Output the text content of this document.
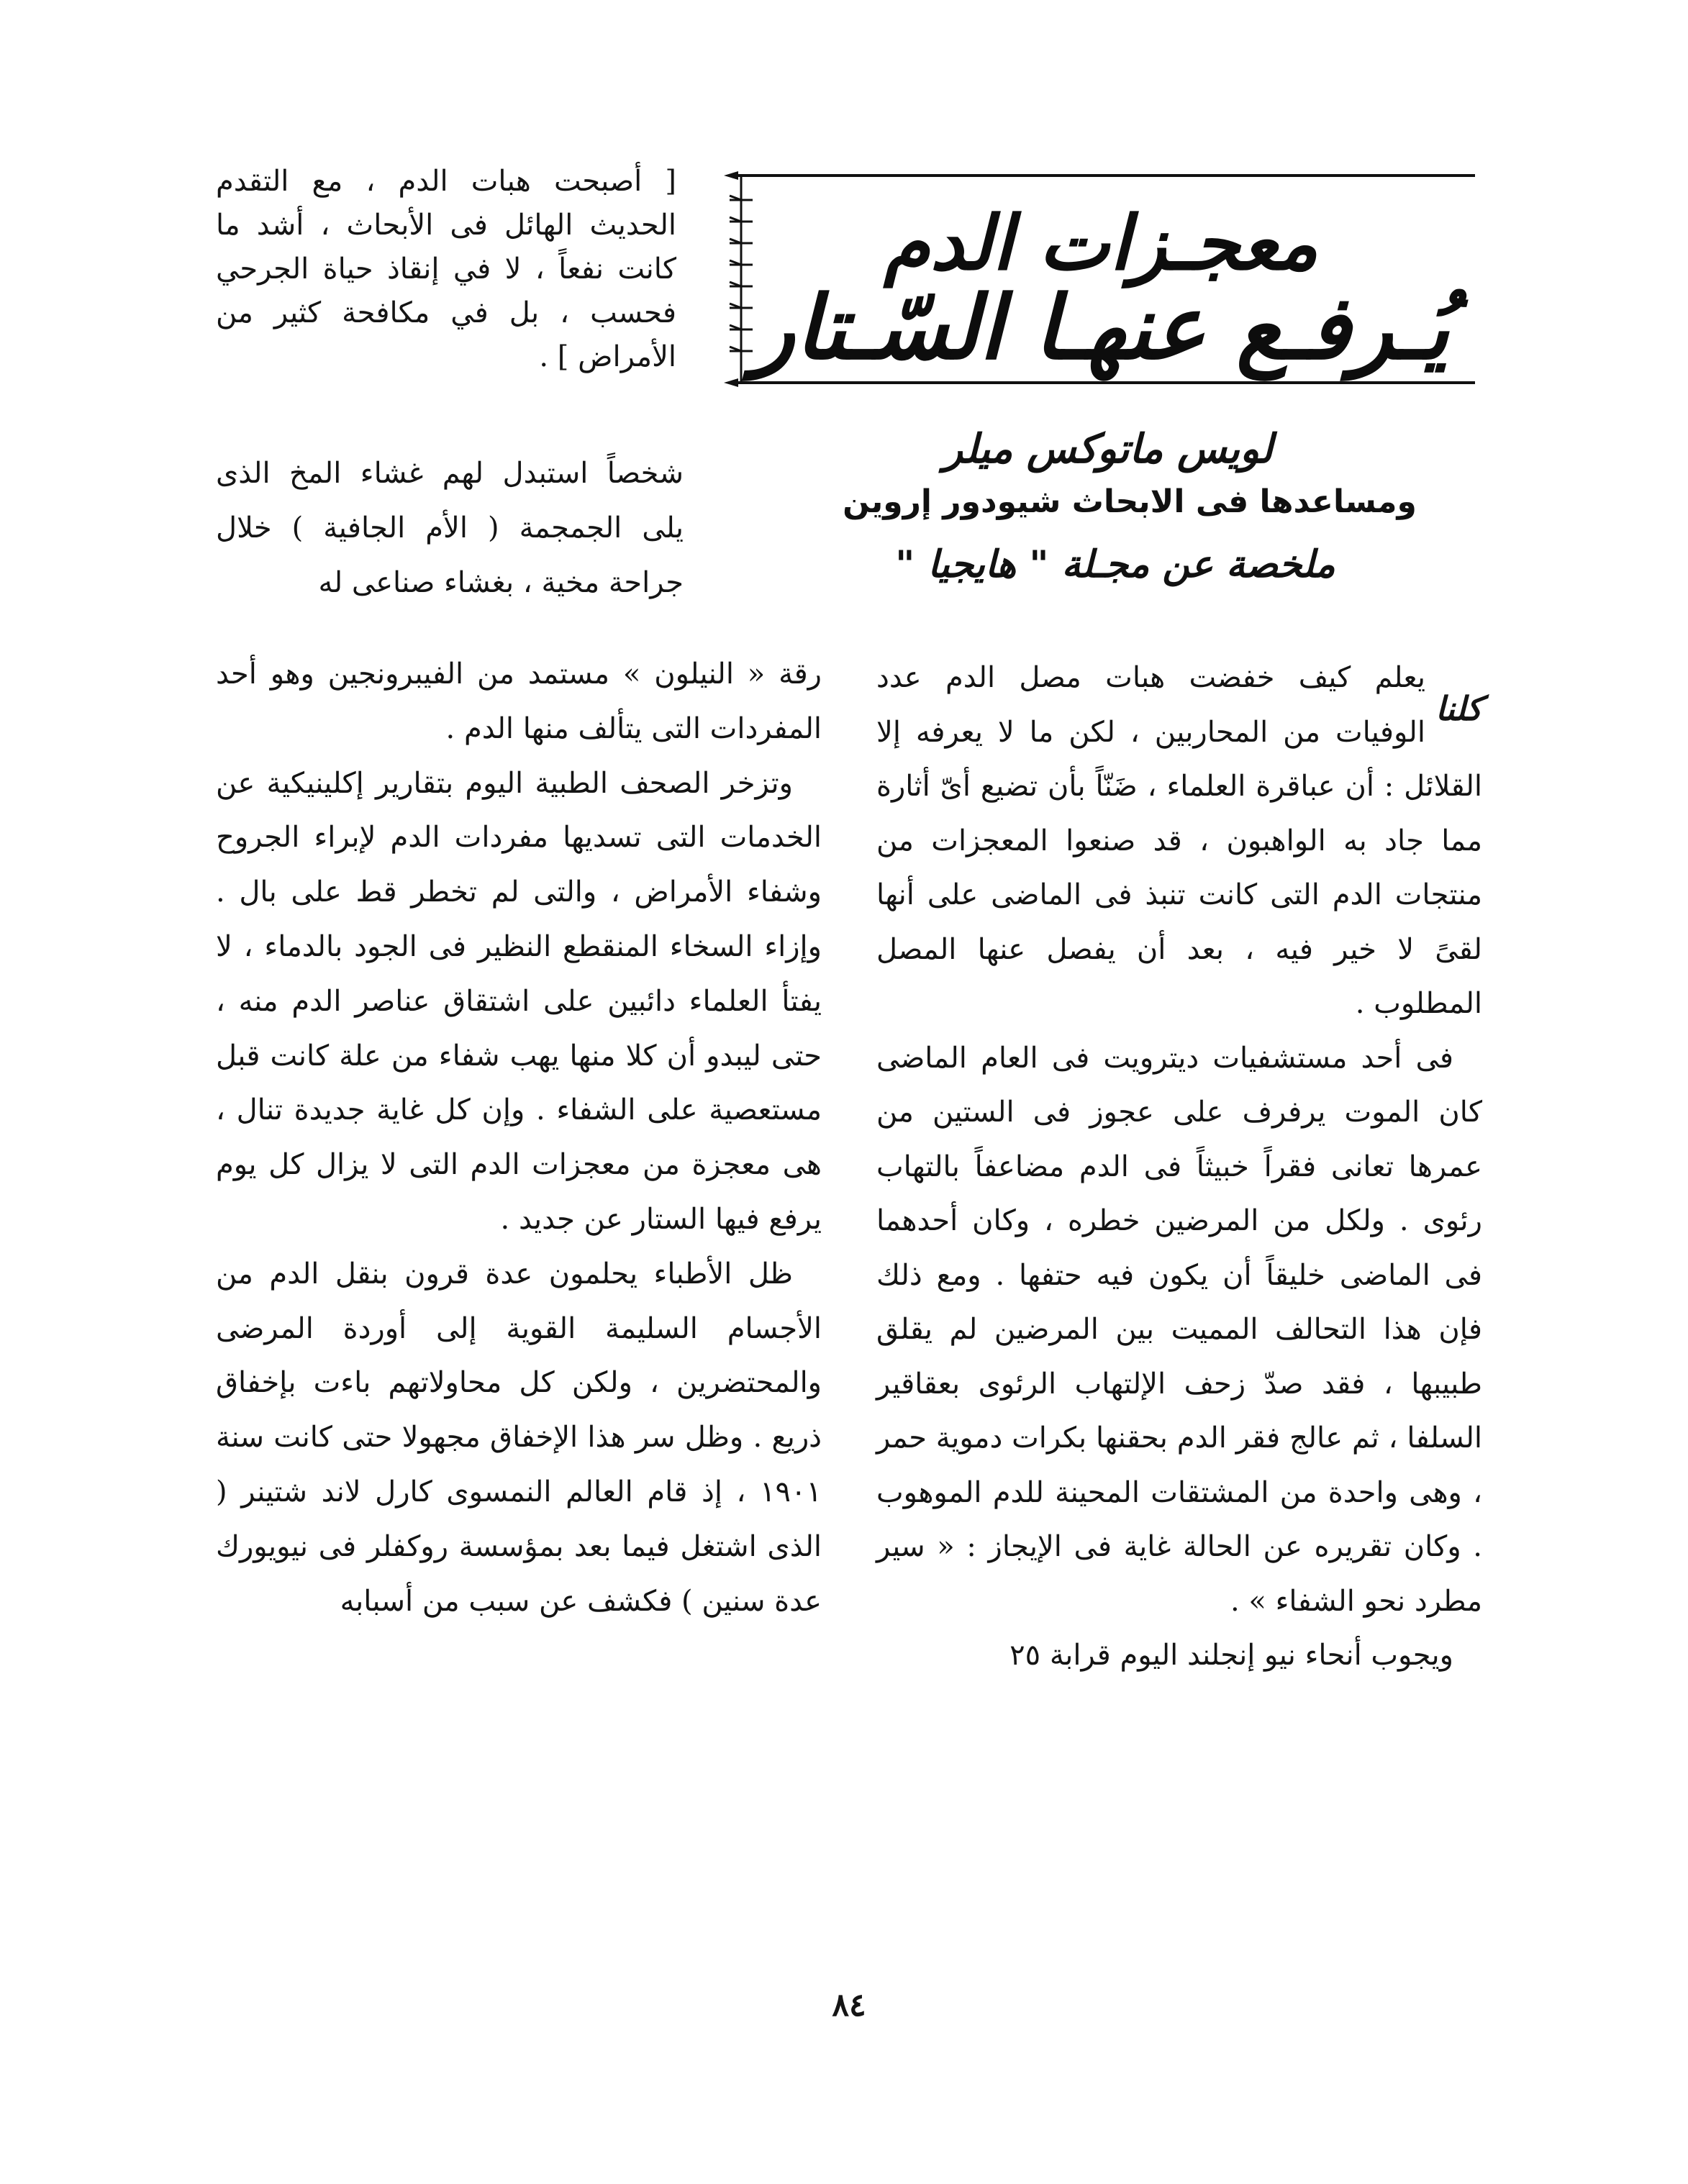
معجـزات الدم
يُـرفـع عنهـا السّـتار
لويس ماتوكس ميلر
ومساعدها فى الابحاث شيودور إروين
ملخصة عن مجـلة " هايجيا "
[ أصبحت هبات الدم ، مع التقدم الحديث الهائل فى الأبحاث ، أشد ما كانت نفعاً ، لا في إنقاذ حياة الجرحي فحسب ، بل في مكافحة كثير من الأمراض ] .
شخصاً استبدل لهم غشاء المخ الذى يلى الجمجمة ( الأم الجافية ) خلال جراحة مخية ، بغشاء صناعى له
كلنا

يعلم كيف خفضت هبات مصل الدم عدد الوفيات من المحاربين ، لكن ما لا يعرفه إلا القلائل : أن عباقرة العلماء ، ضَنّاً بأن تضيع أىّ أثارة مما جاد به الواهبون ، قد صنعوا المعجزات من منتجات الدم التى كانت تنبذ فى الماضى على أنها لقىً لا خير فيه ، بعد أن يفصل عنها المصل المطلوب .

فى أحد مستشفيات ديترويت فى العام الماضى كان الموت يرفرف على عجوز فى الستين من عمرها تعانى فقراً خبيثاً فى الدم مضاعفاً بالتهاب رئوى . ولكل من المرضين خطره ، وكان أحدهما فى الماضى خليقاً أن يكون فيه حتفها . ومع ذلك فإن هذا التحالف المميت بين المرضين لم يقلق طبيبها ، فقد صدّ زحف الإلتهاب الرئوى بعقاقير السلفا ، ثم عالج فقر الدم بحقنها بكرات دموية حمر ، وهى واحدة من المشتقات المحينة للدم الموهوب . وكان تقريره عن الحالة غاية فى الإيجاز : « سير مطرد نحو الشفاء » .

ويجوب أنحاء نيو إنجلند اليوم قرابة ٢٥

رقة « النيلون » مستمد من الفيبرونجين وهو أحد المفردات التى يتألف منها الدم .

وتزخر الصحف الطبية اليوم بتقارير إكلينيكية عن الخدمات التى تسديها مفردات الدم لإبراء الجروح وشفاء الأمراض ، والتى لم تخطر قط على بال . وإزاء السخاء المنقطع النظير فى الجود بالدماء ، لا يفتأ العلماء دائبين على اشتقاق عناصر الدم منه ، حتى ليبدو أن كلا منها يهب شفاء من علة كانت قبل مستعصية على الشفاء . وإن كل غاية جديدة تنال ، هى معجزة من معجزات الدم التى لا يزال كل يوم يرفع فيها الستار عن جديد .

ظل الأطباء يحلمون عدة قرون بنقل الدم من الأجسام السليمة القوية إلى أوردة المرضى والمحتضرين ، ولكن كل محاولاتهم باءت بإخفاق ذريع . وظل سر هذا الإخفاق مجهولا حتى كانت سنة ١٩٠١ ، إذ قام العالم النمسوى كارل لاند شتينر ( الذى اشتغل فيما بعد بمؤسسة روكفلر فى نيويورك عدة سنين ) فكشف عن سبب من أسبابه

٨٤
